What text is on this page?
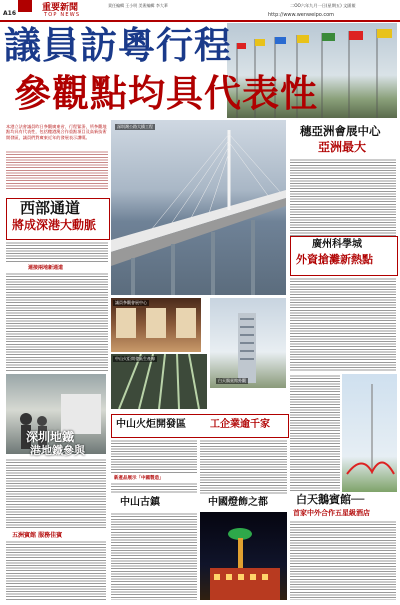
A16
重要新聞
TOP NEWS
責任編輯 王小明 美術編輯 李大華	二OO六年九月一日(星期五) 文匯報
http://www.wenweipo.com
議員訪粵行程
參觀點均具代表性
本港立法會議員昨日參觀廣東省，行程緊湊，所參觀地點均具有代表性，包括穗港澳合作重點項目及高新技術開發區，議員們對廣東近年的發展表示讚嘆。
深圳灣公路大橋工程
西部通道
將成深港大動脈
連接兩地新通道
穗亞洲會展中心
亞洲最大
廣州科學城
外資搶灘新熱點
議員參觀會展中心
白天鵝賓館外觀
中山火炬開發區生產線
深圳地鐵
港地鐵參與
五洲賓館 服務佳賓
中山火炬開發區 工企業逾千家
新產品展示「中國製造」
中山古鎮	中國燈飾之都	白天鵝賓館──
首家中外合作五星級酒店
